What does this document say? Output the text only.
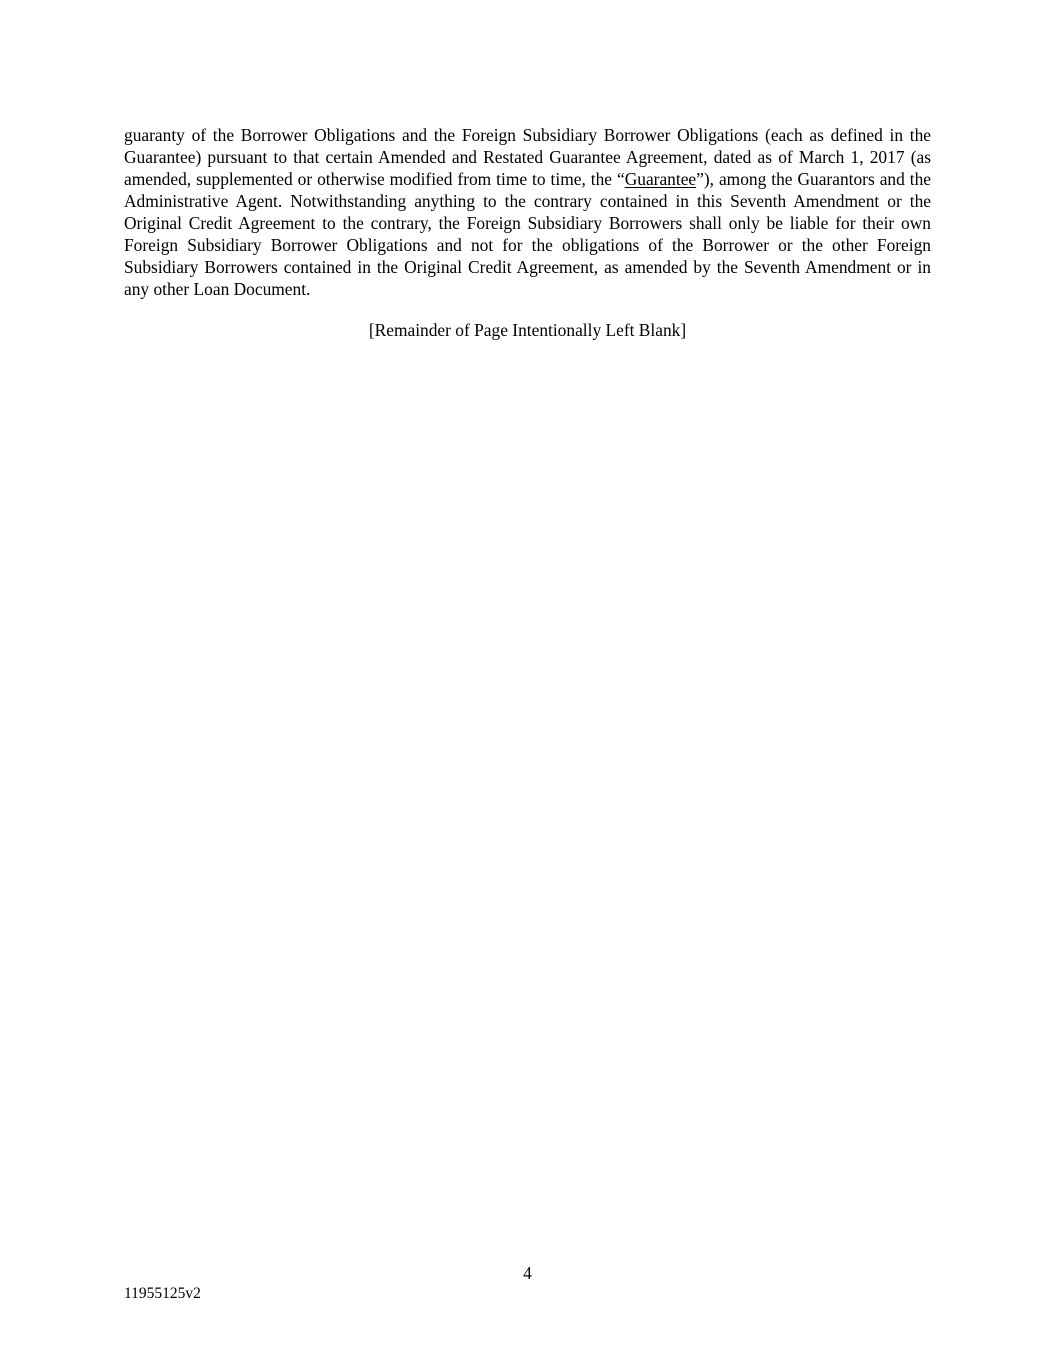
guaranty of the Borrower Obligations and the Foreign Subsidiary Borrower Obligations (each as defined in the Guarantee) pursuant to that certain Amended and Restated Guarantee Agreement, dated as of March 1, 2017 (as amended, supplemented or otherwise modified from time to time, the “Guarantee”), among the Guarantors and the Administrative Agent. Notwithstanding anything to the contrary contained in this Seventh Amendment or the Original Credit Agreement to the contrary, the Foreign Subsidiary Borrowers shall only be liable for their own Foreign Subsidiary Borrower Obligations and not for the obligations of the Borrower or the other Foreign Subsidiary Borrowers contained in the Original Credit Agreement, as amended by the Seventh Amendment or in any other Loan Document.

[Remainder of Page Intentionally Left Blank]

4

11955125v2
